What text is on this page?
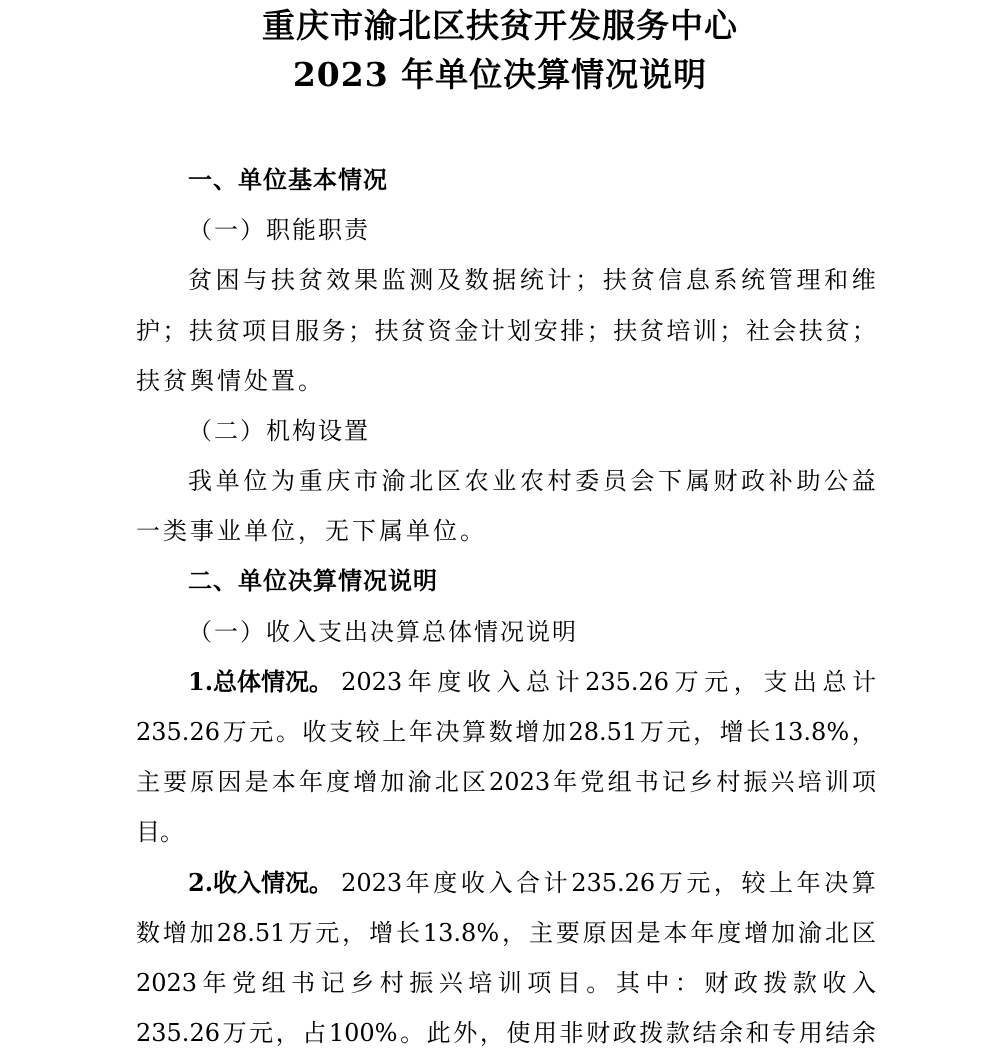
重庆市渝北区扶贫开发服务中心
2023 年单位决算情况说明
一、单位基本情况
（一）职能职责
贫 困 与 扶 贫 效 果 监 测 及 数 据 统 计 ； 扶 贫 信 息 系 统 管 理 和 维
护 ； 扶 贫 项 目 服 务 ； 扶 贫 资 金 计 划 安 排 ； 扶 贫 培 训 ； 社 会 扶 贫 ；
扶贫舆情处置。
（二）机构设置
我 单 位 为 重 庆 市 渝 北 区 农 业 农 村 委 员 会 下 属 财 政 补 助 公 益
一类事业单位，无下属单位。
二、单位决算情况说明
（一）收入支出决算总体情况说明
1.总体情况。 2023 年 度 收 入 总 计 235.26 万 元 ， 支 出 总 计
235.26 万 元 。 收 支 较 上 年 决 算 数 增 加 28.51 万 元 ， 增 长 13.8% ，
主 要 原 因 是 本 年 度 增 加 渝 北 区 2023 年 党 组 书 记 乡 村 振 兴 培 训 项
目。
2.收入情况。 2023 年 度 收 入 合 计 235.26 万 元 ， 较 上 年 决 算
数 增 加 28.51 万 元 ， 增 长 13.8% ， 主 要 原 因 是 本 年 度 增 加 渝 北 区
2023 年 党 组 书 记 乡 村 振 兴 培 训 项 目 。 其 中 ： 财 政 拨 款 收 入
235.26 万 元 ， 占 100% 。 此 外 ， 使 用 非 财 政 拨 款 结 余 和 专 用 结 余
